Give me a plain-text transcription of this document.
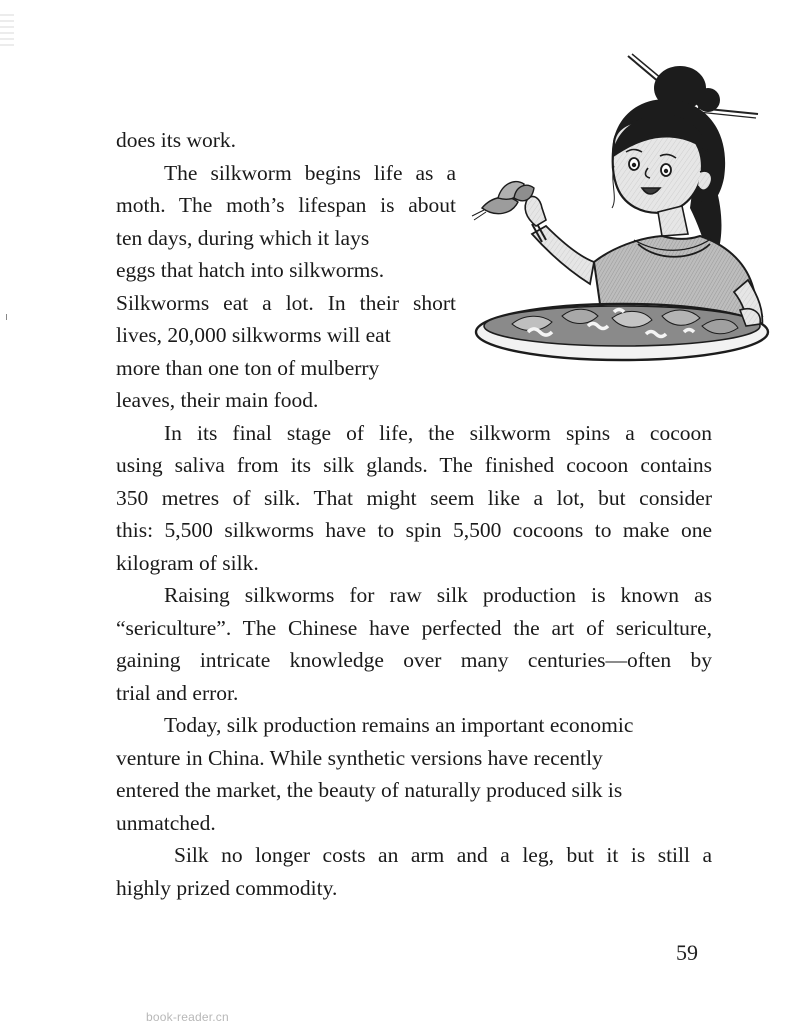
does its work.

The silkworm begins life as a
moth. The moth’s lifespan is about
ten days, during which it lays
eggs that hatch into silkworms.
Silkworms eat a lot. In their short
lives, 20,000 silkworms will eat
more than one ton of mulberry
leaves, their main food.

In its final stage of life, the silkworm spins a cocoon
using saliva from its silk glands. The finished cocoon contains
350 metres of silk. That might seem like a lot, but consider
this: 5,500 silkworms have to spin 5,500 cocoons to make one
kilogram of silk.

Raising silkworms for raw silk production is known as
“sericulture”. The Chinese have perfected the art of sericulture,
gaining intricate knowledge over many centuries—often by
trial and error.

Today, silk production remains an important economic
venture in China. While synthetic versions have recently
entered the market, the beauty of naturally produced silk is
unmatched.

Silk no longer costs an arm and a leg, but it is still a
highly prized commodity.

59
book-reader.cn
